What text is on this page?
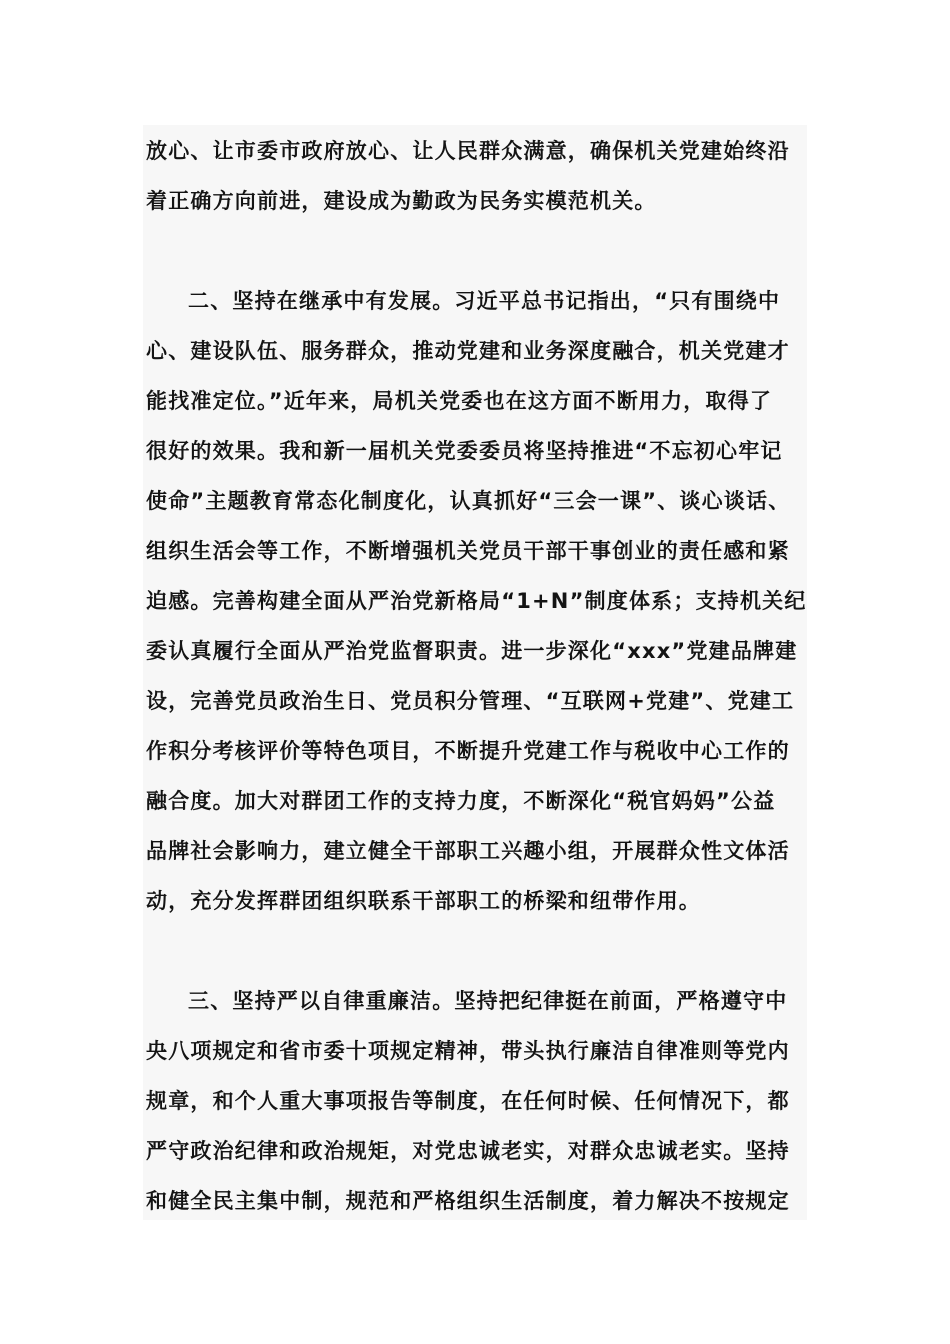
放心、让市委市政府放心、让人民群众满意，确保机关党建始终沿
着正确方向前进，建设成为勤政为民务实模范机关。
二、坚持在继承中有发展。习近平总书记指出，“只有围绕中
心、建设队伍、服务群众，推动党建和业务深度融合，机关党建才
能找准定位。”近年来，局机关党委也在这方面不断用力，取得了
很好的效果。我和新一届机关党委委员将坚持推进“不忘初心牢记
使命”主题教育常态化制度化，认真抓好“三会一课”、谈心谈话、
组织生活会等工作，不断增强机关党员干部干事创业的责任感和紧
迫感。完善构建全面从严治党新格局“1+N”制度体系；支持机关纪
委认真履行全面从严治党监督职责。进一步深化“xxx”党建品牌建
设，完善党员政治生日、党员积分管理、“互联网+党建”、党建工
作积分考核评价等特色项目，不断提升党建工作与税收中心工作的
融合度。加大对群团工作的支持力度，不断深化“税官妈妈”公益
品牌社会影响力，建立健全干部职工兴趣小组，开展群众性文体活
动，充分发挥群团组织联系干部职工的桥梁和纽带作用。
三、坚持严以自律重廉洁。坚持把纪律挺在前面，严格遵守中
央八项规定和省市委十项规定精神，带头执行廉洁自律准则等党内
规章，和个人重大事项报告等制度，在任何时候、任何情况下，都
严守政治纪律和政治规矩，对党忠诚老实，对群众忠诚老实。坚持
和健全民主集中制，规范和严格组织生活制度，着力解决不按规定
